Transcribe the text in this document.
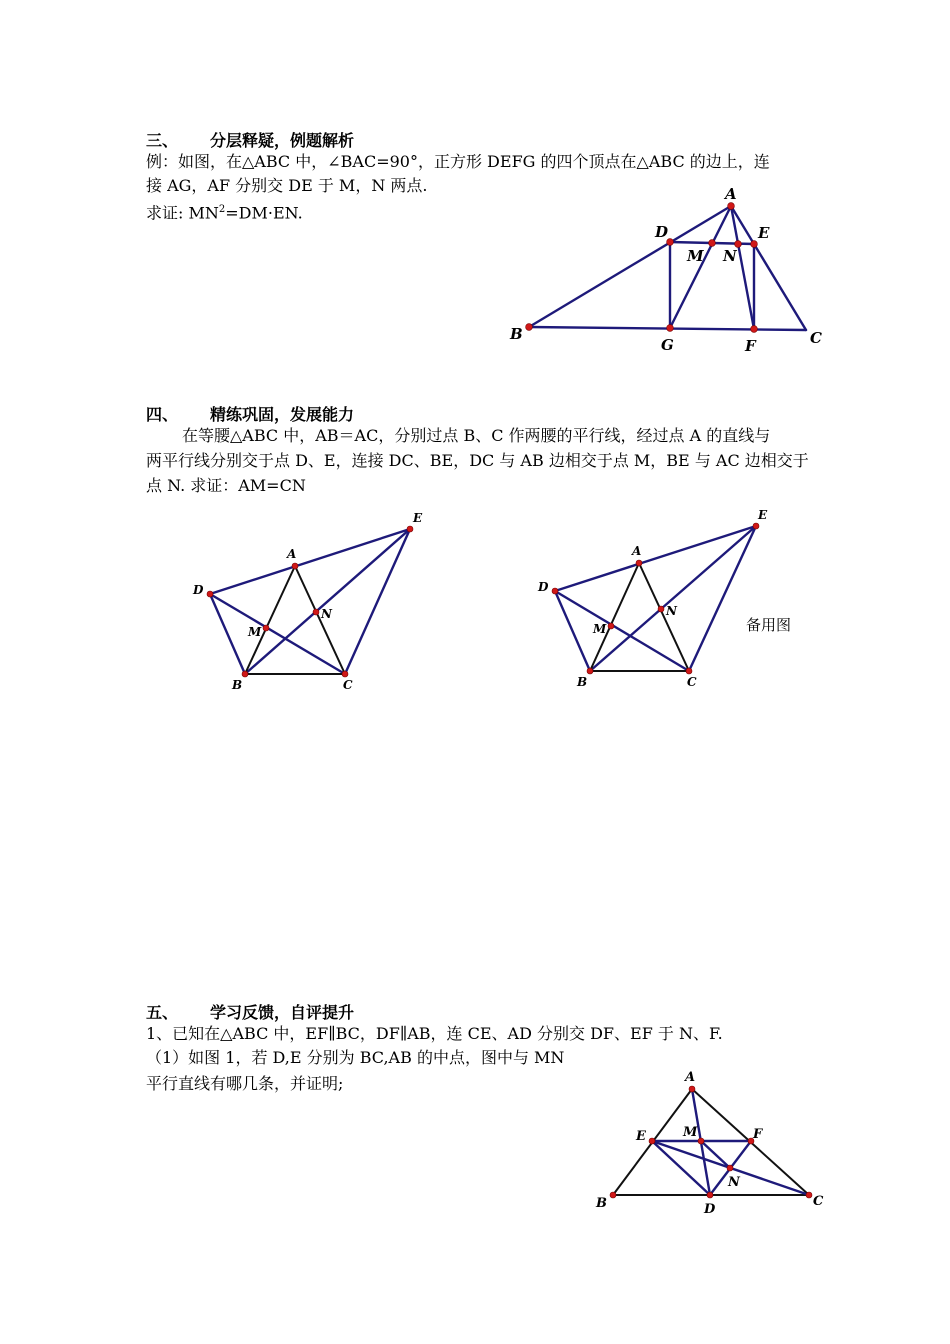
三、 分层释疑，例题解析
例：如图，在△ABC 中，∠BAC=90°，正方形 DEFG 的四个顶点在△ABC 的边上，连
接 AG，AF 分别交 DE 于 M，N 两点.
求证: $MN^2=DM\cdot EN$.
A
D	E
M N
B
G	F	C
四、 精练巩固，发展能力
在等腰△ABC 中，AB＝AC，分别过点 B、C 作两腰的平行线，经过点 A 的直线与
两平行线分别交于点 D、E，连接 DC、BE，DC 与 AB 边相交于点 M，BE 与 AC 边相交于
点 N. 求证：AM=CN
A
D
E
M
N
B	C
A
D
E
M
N
B	C
备用图
五、 学习反馈，自评提升
1、已知在△ABC 中，EF∥BC，DF∥AB，连 CE、AD 分别交 DF、EF 于 N、F.
（1）如图 1，若 D,E 分别为 BC,AB 的中点，图中与 MN
平行直线有哪几条，并证明;	A
E	M	F
N
B	D
C
